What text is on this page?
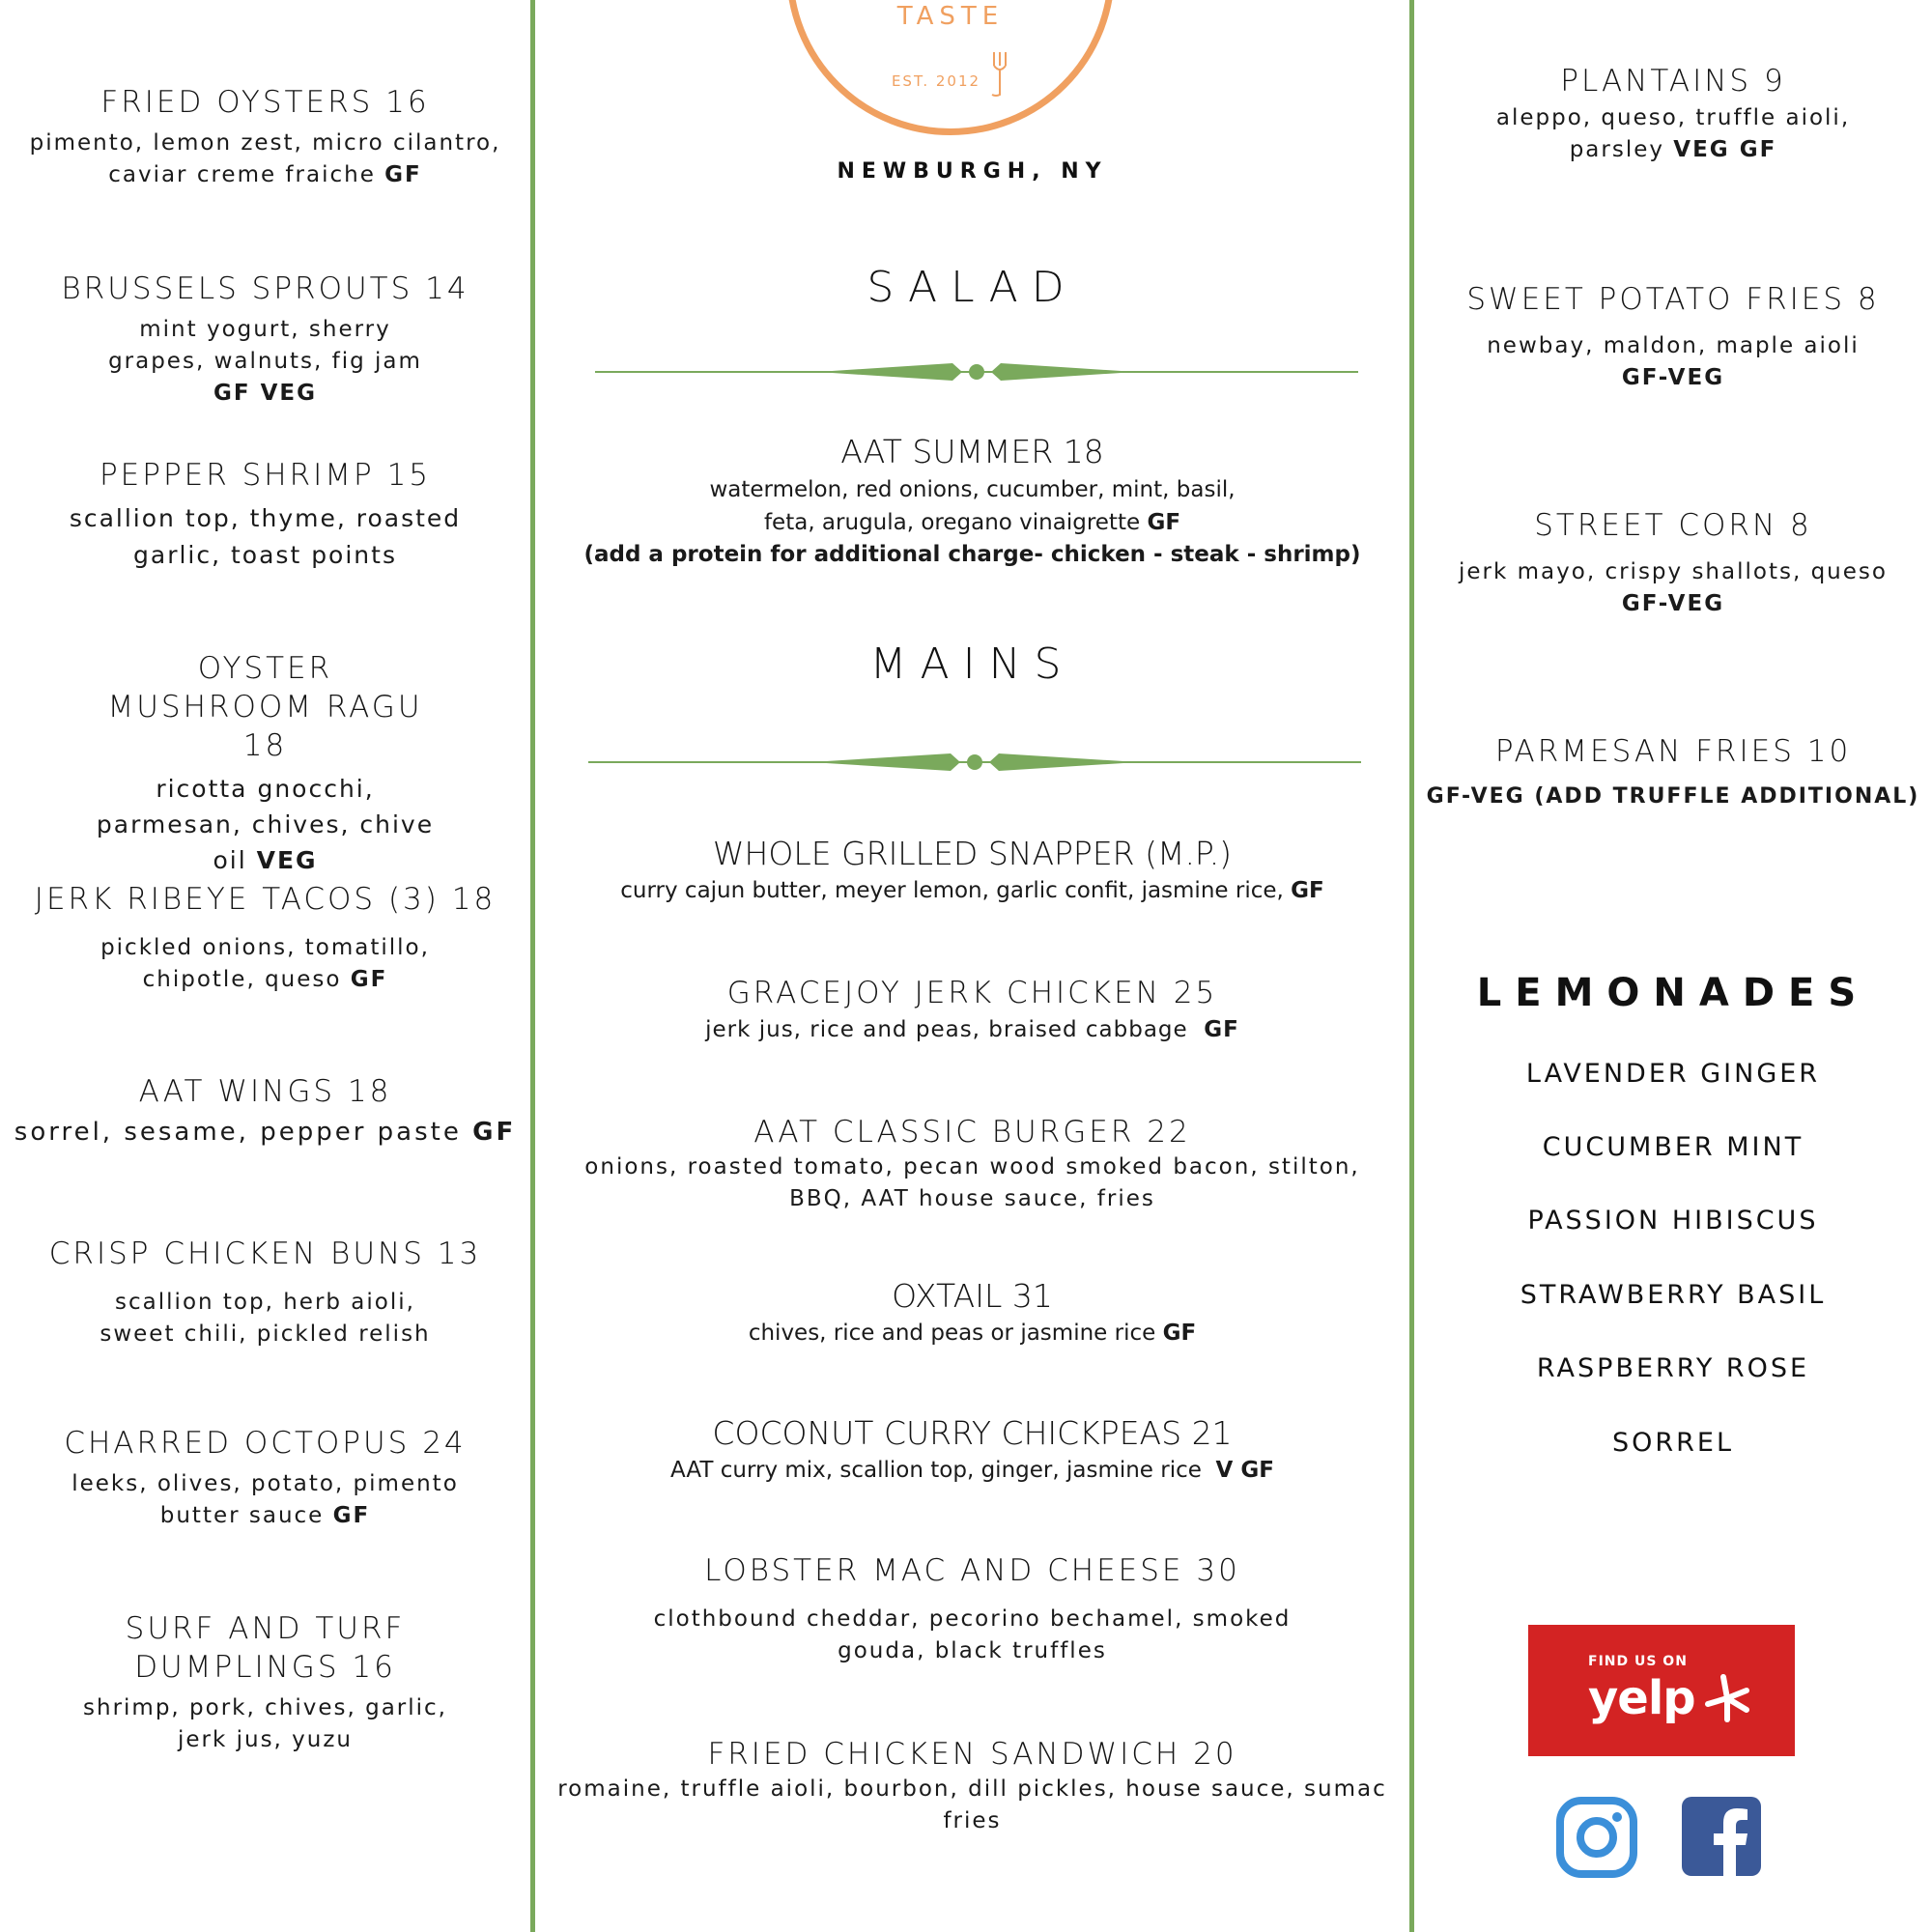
FRIED OYSTERS 16
pimento, lemon zest, micro cilantro, caviar creme fraiche GF
BRUSSELS SPROUTS 14
mint yogurt, sherry grapes, walnuts, fig jam GF VEG
PEPPER SHRIMP 15
scallion top, thyme, roasted garlic, toast points
OYSTER MUSHROOM RAGU 18
ricotta gnocchi, parmesan, chives, chive oil VEG
JERK RIBEYE TACOS (3) 18
pickled onions, tomatillo, chipotle, queso GF
AAT WINGS 18
sorrel, sesame, pepper paste GF
CRISP CHICKEN BUNS 13
scallion top, herb aioli, sweet chili, pickled relish
CHARRED OCTOPUS 24
leeks, olives, potato, pimento butter sauce GF
SURF AND TURF DUMPLINGS 16
shrimp, pork, chives, garlic, jerk jus, yuzu
TASTE
EST. 2012
NEWBURGH, NY
SALAD
AAT SUMMER 18
watermelon, red onions, cucumber, mint, basil, feta, arugula, oregano vinaigrette GF
(add a protein for additional charge- chicken - steak - shrimp)
MAINS
WHOLE GRILLED SNAPPER (M.P.)
curry cajun butter, meyer lemon, garlic confit, jasmine rice, GF
GRACEJOY JERK CHICKEN 25
jerk jus, rice and peas, braised cabbage GF
AAT CLASSIC BURGER 22
onions, roasted tomato, pecan wood smoked bacon, stilton, BBQ, AAT house sauce, fries
OXTAIL 31
chives, rice and peas or jasmine rice GF
COCONUT CURRY CHICKPEAS 21
AAT curry mix, scallion top, ginger, jasmine rice V GF
LOBSTER MAC AND CHEESE 30
clothbound cheddar, pecorino bechamel, smoked gouda, black truffles
FRIED CHICKEN SANDWICH 20
romaine, truffle aioli, bourbon, dill pickles, house sauce, sumac fries
PLANTAINS 9
aleppo, queso, truffle aioli, parsley VEG GF
SWEET POTATO FRIES 8
newbay, maldon, maple aioli
GF-VEG
STREET CORN 8
jerk mayo, crispy shallots, queso
GF-VEG
PARMESAN FRIES 10
GF-VEG (ADD TRUFFLE ADDITIONAL)
LEMONADES
LAVENDER GINGER
CUCUMBER MINT
PASSION HIBISCUS
STRAWBERRY BASIL
RASPBERRY ROSE
SORREL
FIND US ON
yelp
